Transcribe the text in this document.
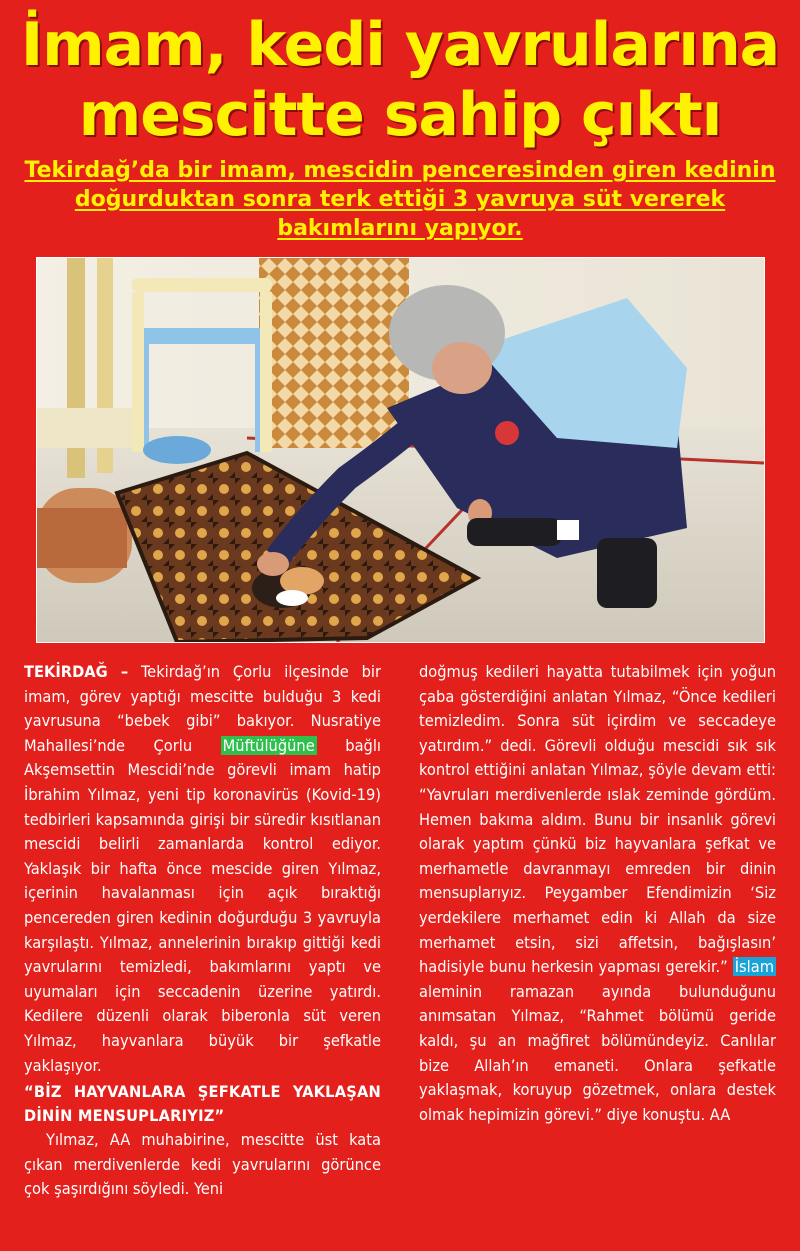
İmam, kedi yavrularına mescitte sahip çıktı

Tekirdağ’da bir imam, mescidin penceresinden giren kedinin doğurduktan sonra terk ettiği 3 yavruya süt vererek bakımlarını yapıyor.

TEKİRDAĞ – Tekirdağ’ın Çorlu ilçesinde bir imam, görev yaptığı mescitte bulduğu 3 kedi yavrusuna “bebek gibi” bakıyor. Nusratiye Mahallesi’nde Çorlu Müftülüğüne bağlı Akşemsettin Mescidi’nde görevli imam hatip İbrahim Yılmaz, yeni tip koronavirüs (Kovid-19) tedbirleri kapsamında girişi bir süredir kısıtlanan mescidi belirli zamanlarda kontrol ediyor. Yaklaşık bir hafta önce mescide giren Yılmaz, içerinin havalanması için açık bıraktığı pencereden giren kedinin doğurduğu 3 yavruyla karşılaştı. Yılmaz, annelerinin bırakıp gittiği kedi yavrularını temizledi, bakımlarını yaptı ve uyumaları için seccadenin üzerine yatırdı. Kedilere düzenli olarak biberonla süt veren Yılmaz, hayvanlara büyük bir şefkatle yaklaşıyor.

“BİZ HAYVANLARA ŞEFKATLE YAKLAŞAN DİNİN MENSUPLARIYIZ”

Yılmaz, AA muhabirine, mescitte üst kata çıkan merdivenlerde kedi yavrularını görünce çok şaşırdığını söyledi. Yeni

doğmuş kedileri hayatta tutabilmek için yoğun çaba gösterdiğini anlatan Yılmaz, “Önce kedileri temizledim. Sonra süt içirdim ve seccadeye yatırdım.” dedi. Görevli olduğu mescidi sık sık kontrol ettiğini anlatan Yılmaz, şöyle devam etti: “Yavruları merdivenlerde ıslak zeminde gördüm. Hemen bakıma aldım. Bunu bir insanlık görevi olarak yaptım çünkü biz hayvanlara şefkat ve merhametle davranmayı emreden bir dinin mensuplarıyız. Peygamber Efendimizin ‘Siz yerdekilere merhamet edin ki Allah da size merhamet etsin, sizi affetsin, bağışlasın’ hadisiyle bunu herkesin yapması gerekir.” İslam aleminin ramazan ayında bulunduğunu anımsatan Yılmaz, “Rahmet bölümü geride kaldı, şu an mağfiret bölümündeyiz. Canlılar bize Allah’ın emaneti. Onlara şefkatle yaklaşmak, koruyup gözetmek, onlara destek olmak hepimizin görevi.” diye konuştu. AA
